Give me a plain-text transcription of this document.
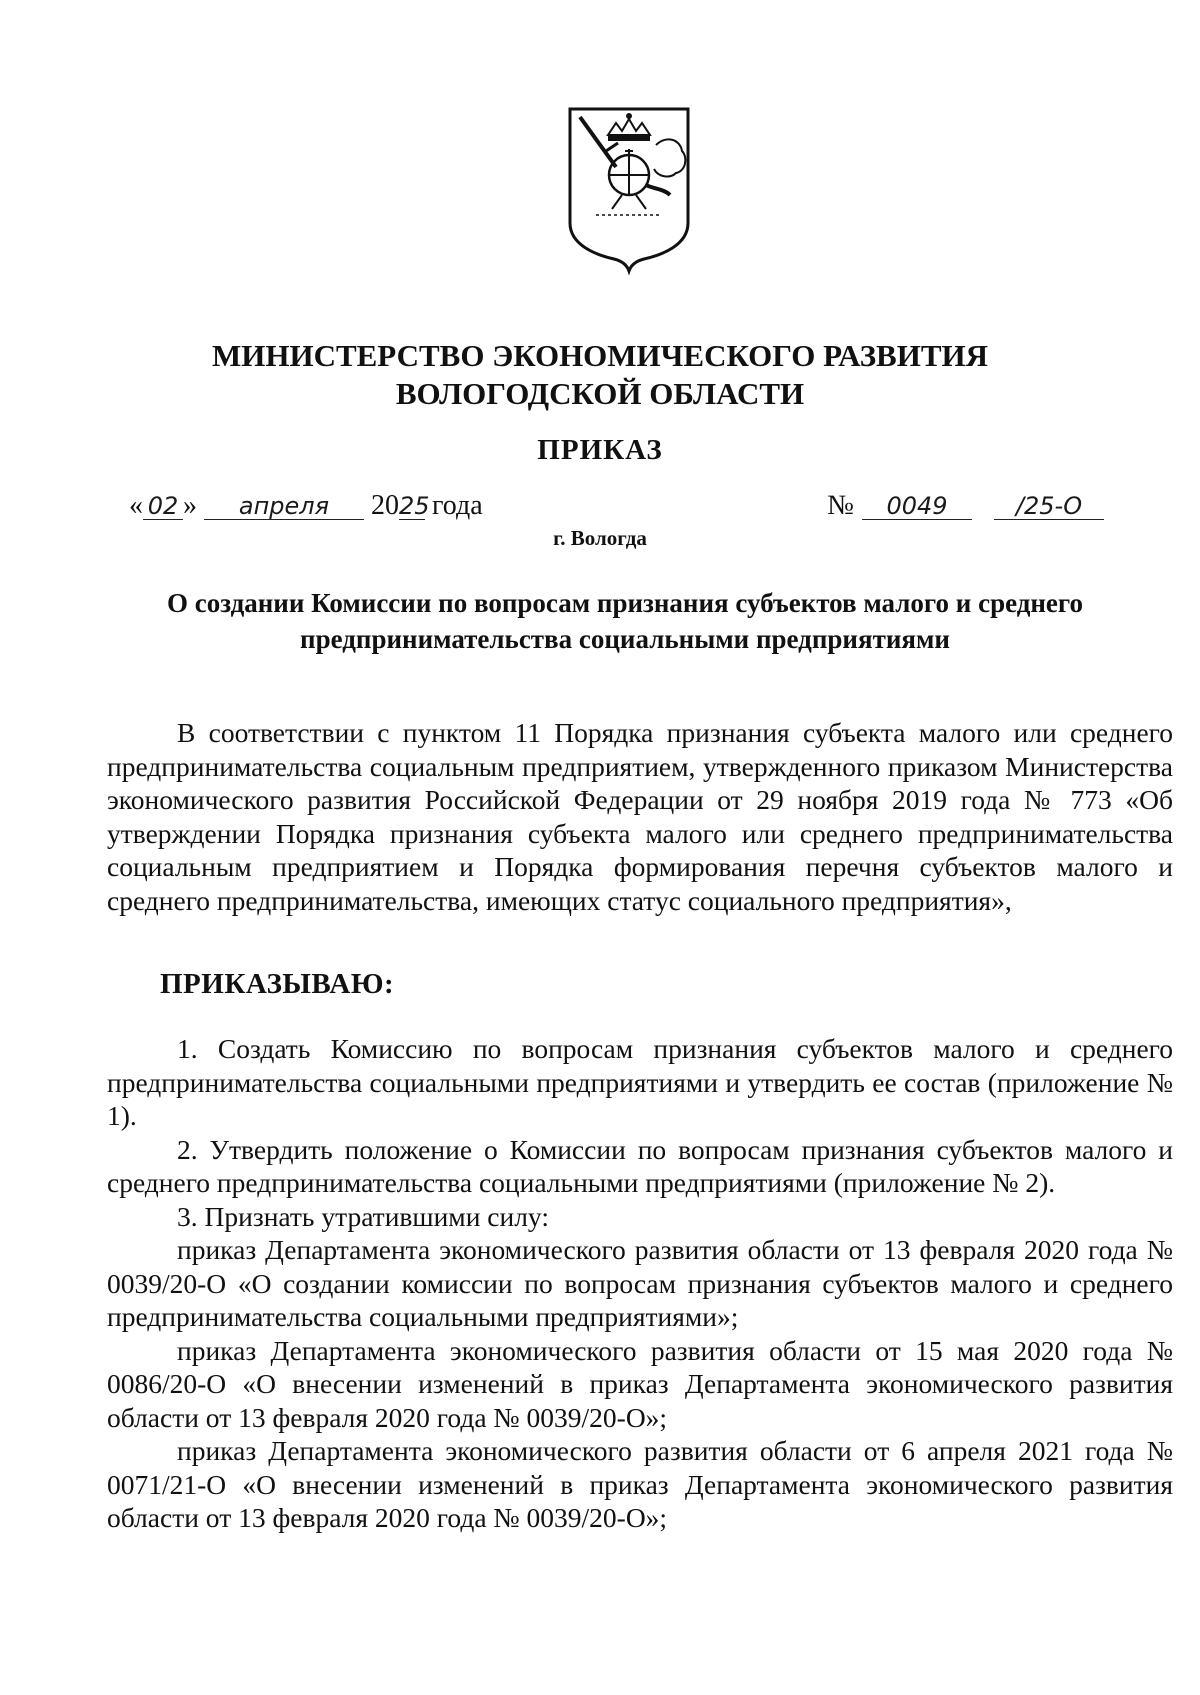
МИНИСТЕРСТВО ЭКОНОМИЧЕСКОГО РАЗВИТИЯ
ВОЛОГОДСКОЙ ОБЛАСТИ
ПРИКАЗ
« 02 » апреля 2025 года	№ 0049	/25-О
г. Вологда
О создании Комиссии по вопросам признания субъектов малого и среднего предпринимательства социальными предприятиями

В соответствии с пунктом 11 Порядка признания субъекта малого или среднего предпринимательства социальным предприятием, утвержденного приказом Министерства экономического развития Российской Федерации от 29 ноября 2019 года № 773 «Об утверждении Порядка признания субъекта малого или среднего предпринимательства социальным предприятием и Порядка формирования перечня субъектов малого и среднего предпринимательства, имеющих статус социального предприятия»,

ПРИКАЗЫВАЮ:

1. Создать Комиссию по вопросам признания субъектов малого и среднего предпринимательства социальными предприятиями и утвердить ее состав (приложение № 1).

2. Утвердить положение о Комиссии по вопросам признания субъектов малого и среднего предпринимательства социальными предприятиями (приложение № 2).

3. Признать утратившими силу:

приказ Департамента экономического развития области от 13 февраля 2020 года № 0039/20-О «О создании комиссии по вопросам признания субъектов малого и среднего предпринимательства социальными предприятиями»;

приказ Департамента экономического развития области от 15 мая 2020 года № 0086/20-О «О внесении изменений в приказ Департамента экономического развития области от 13 февраля 2020 года № 0039/20-О»;

приказ Департамента экономического развития области от 6 апреля 2021 года № 0071/21-О «О внесении изменений в приказ Департамента экономического развития области от 13 февраля 2020 года № 0039/20-О»;
